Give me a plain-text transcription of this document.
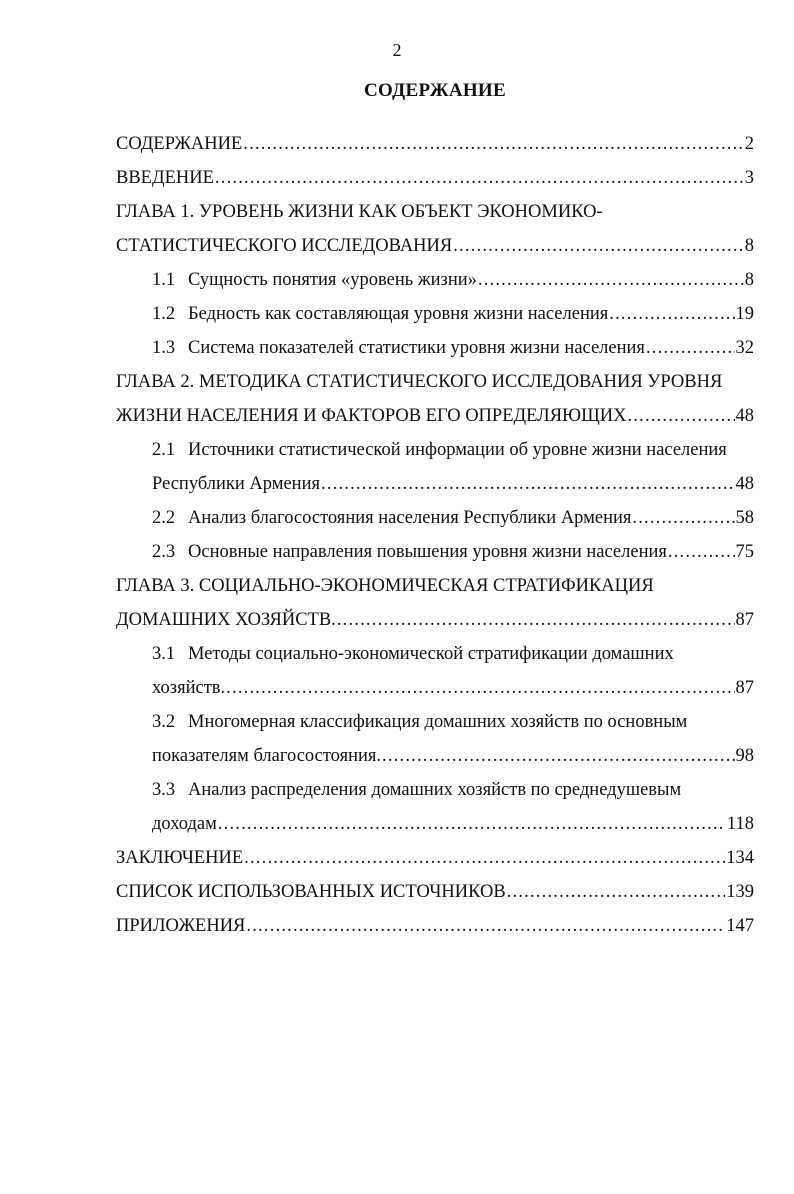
2
СОДЕРЖАНИЕ
СОДЕРЖАНИЕ .....	2
ВВЕДЕНИЕ .....	3
ГЛАВА 1. УРОВЕНЬ ЖИЗНИ КАК ОБЪЕКТ ЭКОНОМИКО-
СТАТИСТИЧЕСКОГО ИССЛЕДОВАНИЯ .....	8
1.1 Сущность понятия «уровень жизни» .....	8
1.2 Бедность как составляющая уровня жизни населения .....	19
1.3 Система показателей статистики уровня жизни населения .....	32
ГЛАВА 2. МЕТОДИКА СТАТИСТИЧЕСКОГО ИССЛЕДОВАНИЯ УРОВНЯ
ЖИЗНИ НАСЕЛЕНИЯ И ФАКТОРОВ ЕГО ОПРЕДЕЛЯЮЩИХ .....	48
2.1 Источники статистической информации об уровне жизни населения
Республики Армения .....	48
2.2 Анализ благосостояния населения Республики Армения .....	58
2.3 Основные направления повышения уровня жизни населения .....	75
ГЛАВА 3. СОЦИАЛЬНО-ЭКОНОМИЧЕСКАЯ СТРАТИФИКАЦИЯ
ДОМАШНИХ ХОЗЯЙСТВ. .....	87
3.1 Методы социально-экономической стратификации домашних
хозяйств. .....	87
3.2 Многомерная классификация домашних хозяйств по основным
показателям благосостояния. .....	98
3.3 Анализ распределения домашних хозяйств по среднедушевым
доходам .....	118
ЗАКЛЮЧЕНИЕ .....	134
СПИСОК ИСПОЛЬЗОВАННЫХ ИСТОЧНИКОВ .....	139
ПРИЛОЖЕНИЯ .....	147
